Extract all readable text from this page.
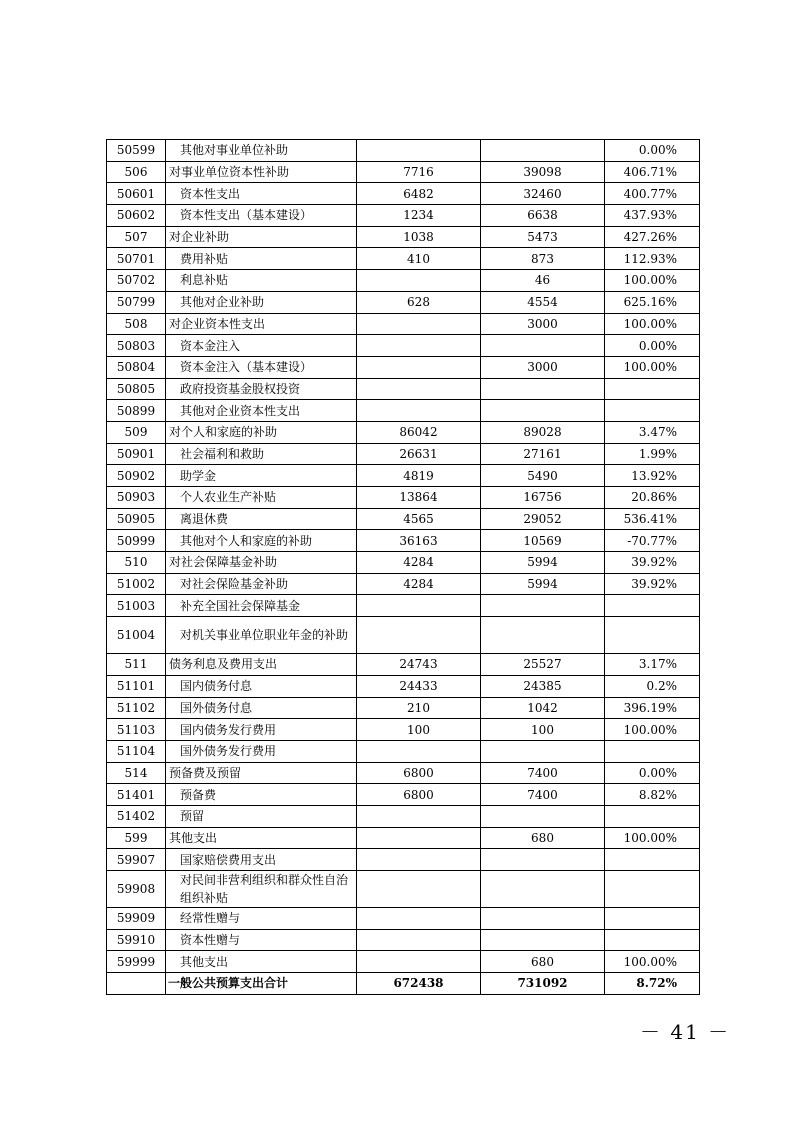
50599	其他对事业单位补助			0.00%
506	对事业单位资本性补助	7716	39098	406.71%
50601	资本性支出	6482	32460	400.77%
50602	资本性支出（基本建设）	1234	6638	437.93%
507	对企业补助	1038	5473	427.26%
50701	费用补贴	410	873	112.93%
50702	利息补贴		46	100.00%
50799	其他对企业补助	628	4554	625.16%
508	对企业资本性支出		3000	100.00%
50803	资本金注入			0.00%
50804	资本金注入（基本建设）		3000	100.00%
50805	政府投资基金股权投资			
50899	其他对企业资本性支出			
509	对个人和家庭的补助	86042	89028	3.47%
50901	社会福利和救助	26631	27161	1.99%
50902	助学金	4819	5490	13.92%
50903	个人农业生产补贴	13864	16756	20.86%
50905	离退休费	4565	29052	536.41%
50999	其他对个人和家庭的补助	36163	10569	-70.77%
510	对社会保障基金补助	4284	5994	39.92%
51002	对社会保险基金补助	4284	5994	39.92%
51003	补充全国社会保障基金			
51004	对机关事业单位职业年金的补助			
511	债务利息及费用支出	24743	25527	3.17%
51101	国内债务付息	24433	24385	0.2%
51102	国外债务付息	210	1042	396.19%
51103	国内债务发行费用	100	100	100.00%
51104	国外债务发行费用			
514	预备费及预留	6800	7400	0.00%
51401	预备费	6800	7400	8.82%
51402	预留			
599	其他支出		680	100.00%
59907	国家赔偿费用支出			
59908	对民间非营利组织和群众性自治组织补贴			
59909	经常性赠与			
59910	资本性赠与			
59999	其他支出		680	100.00%
	一般公共预算支出合计	672438	731092	8.72%
－ 41 －
